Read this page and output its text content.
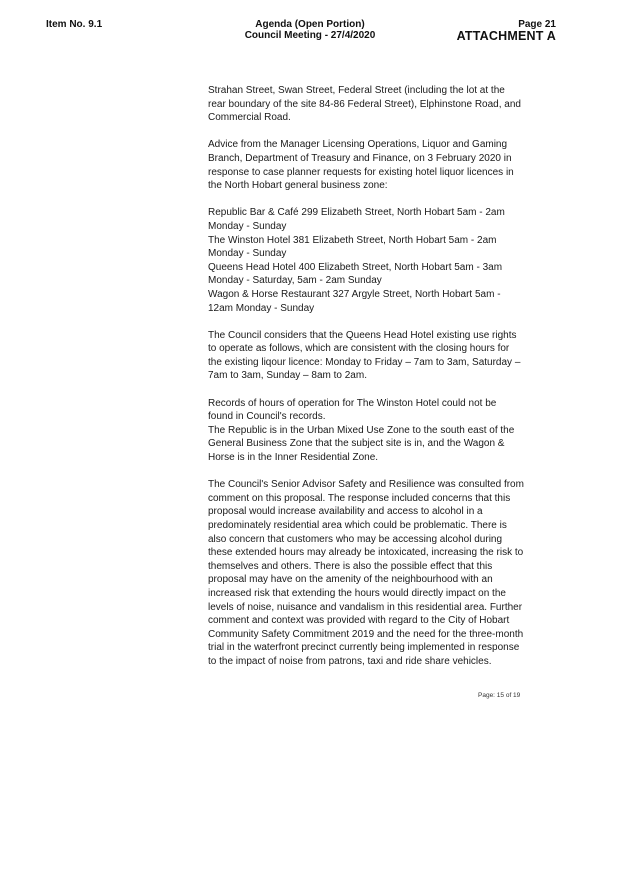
Item No. 9.1	Agenda (Open Portion)
Council Meeting - 27/4/2020
Page 21
ATTACHMENT A

Strahan Street, Swan Street, Federal Street (including the lot at the rear boundary of the site 84-86 Federal Street), Elphinstone Road, and Commercial Road.

Advice from the Manager Licensing Operations, Liquor and Gaming Branch, Department of Treasury and Finance, on 3 February 2020 in response to case planner requests for existing hotel liquor licences in the North Hobart general business zone:

Republic Bar & Café 299 Elizabeth Street, North Hobart 5am - 2am Monday - Sunday
The Winston Hotel 381 Elizabeth Street, North Hobart 5am - 2am Monday - Sunday
Queens Head Hotel 400 Elizabeth Street, North Hobart 5am - 3am Monday - Saturday, 5am - 2am Sunday
Wagon & Horse Restaurant 327 Argyle Street, North Hobart 5am - 12am Monday - Sunday

The Council considers that the Queens Head Hotel existing use rights to operate as follows, which are consistent with the closing hours for the existing liqour licence: Monday to Friday – 7am to 3am, Saturday – 7am to 3am, Sunday – 8am to 2am.

Records of hours of operation for The Winston Hotel could not be found in Council's records.
The Republic is in the Urban Mixed Use Zone to the south east of the General Business Zone that the subject site is in, and the Wagon & Horse is in the Inner Residential Zone.

The Council's Senior Advisor Safety and Resilience was consulted from comment on this proposal. The response included concerns that this proposal would increase availability and access to alcohol in a predominately residential area which could be problematic. There is also concern that customers who may be accessing alcohol during these extended hours may already be intoxicated, increasing the risk to themselves and others. There is also the possible effect that this proposal may have on the amenity of the neighbourhood with an increased risk that extending the hours would directly impact on the levels of noise, nuisance and vandalism in this residential area. Further comment and context was provided with regard to the City of Hobart Community Safety Commitment 2019 and the need for the three-month trial in the waterfront precinct currently being implemented in response to the impact of noise from patrons, taxi and ride share vehicles.

Page: 15 of 19
